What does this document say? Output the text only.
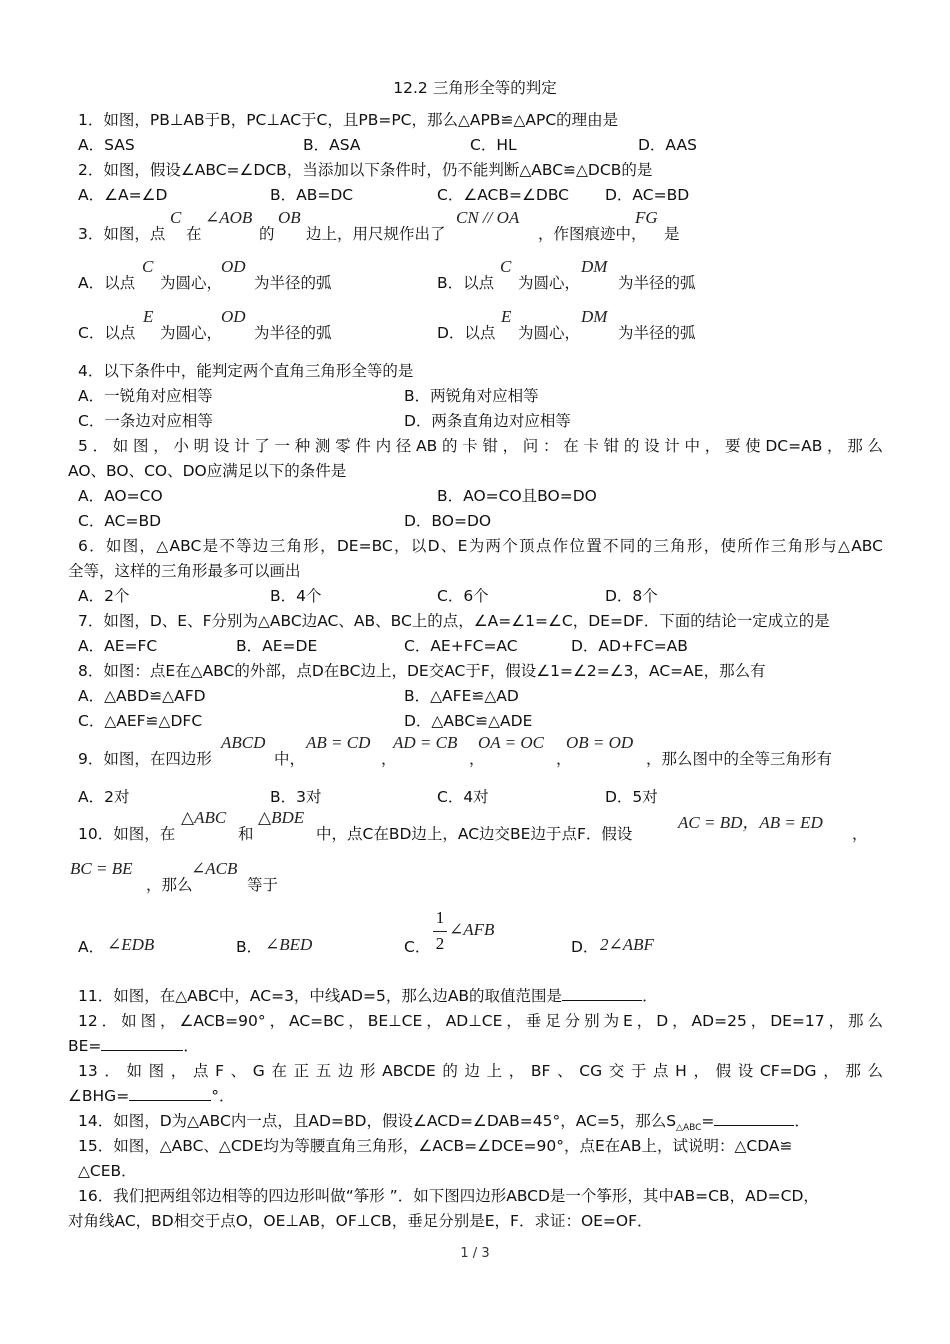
12.2 三角形全等的判定
1．如图，PB⊥AB于B，PC⊥AC于C，且PB=PC，那么△APB≌△APC的理由是
A．SAS	B．ASA	C．HL	D．AAS
2．如图，假设∠ABC=∠DCB，当添加以下条件时，仍不能判断△ABC≌△DCB的是
A．∠A=∠D	B．AB=DC	C．∠ACB=∠DBC D．AC=BD
3．如图，点
C
在
∠AOB
的
OB
边上，用尺规作出了
CN // OA
，作图痕迹中，
FG
是
A．以点
C
为圆心，
OD
为半径的弧	B．以点
C
为圆心，
DM
为半径的弧
C．以点
E
为圆心，
OD
为半径的弧	D．以点
E
为圆心，
DM
为半径的弧
4．以下条件中，能判定两个直角三角形全等的是
A．一锐角对应相等	B．两锐角对应相等
C．一条边对应相等	D．两条直角边对应相等
5．如图，小明设计了一种测零件内径AB的卡钳，问：在卡钳的设计中，要使DC=AB，那么
AO、BO、CO、DO应满足以下的条件是
A．AO=CO	B．AO=CO且BO=DO
C．AC=BD	D．BO=DO
6．如图，△ABC是不等边三角形，DE=BC，以D、E为两个顶点作位置不同的三角形，使所作三角形与△ABC
全等，这样的三角形最多可以画出
A．2个	B．4个	C．6个	D．8个
7．如图，D、E、F分别为△ABC边AC、AB、BC上的点，∠A=∠1=∠C，DE=DF．下面的结论一定成立的是
A．AE=FC	B．AE=DE	C．AE+FC=AC	D．AD+FC=AB
8．如图：点E在△ABC的外部，点D在BC边上，DE交AC于F，假设∠1=∠2=∠3，AC=AE，那么有
A．△ABD≌△AFD	B．△AFE≌△AD
C．△AEF≌△DFC	D．△ABC≌△ADE
9．如图，在四边形
ABCD
中，
AB = CD
，
AD = CB
，
OA = OC
，
OB = OD
，那么图中的全等三角形有
A．2对	B．3对	C．4对	D．5对
10．如图，在
△ABC
和
△BDE
中，点C在BD边上，AC边交BE边于点F．假设
AC = BD，AB = ED
，
BC = BE
，那么
∠ACB
等于
A． ∠EDB	B． ∠BED	C．
1
2
∠AFB
D． 2∠ABF
11．如图，在△ABC中，AC=3，中线AD=5，那么边AB的取值范围是	．
12．如图，∠ACB=90°，AC=BC，BE⊥CE，AD⊥CE，垂足分别为E，D，AD=25，DE=17，那么
BE=	．
13．如图，点F、G在正五边形ABCDE的边上，BF、CG交于点H，假设CF=DG，那么
∠BHG=	°．
14．如图，D为△ABC内一点，且AD=BD，假设∠ACD=∠DAB=45°，AC=5，那么$S_{\triangle ABC}=$	．
15．如图，△ABC、△CDE均为等腰直角三角形，∠ACB=∠DCE=90°，点E在AB上，试说明：△CDA≌
△CEB．
16．我们把两组邻边相等的四边形叫做“筝形 ”．如下图四边形ABCD是一个筝形，其中AB=CB，AD=CD，
对角线AC，BD相交于点O，OE⊥AB，OF⊥CB，垂足分别是E，F．求证：OE=OF．
1 / 3
